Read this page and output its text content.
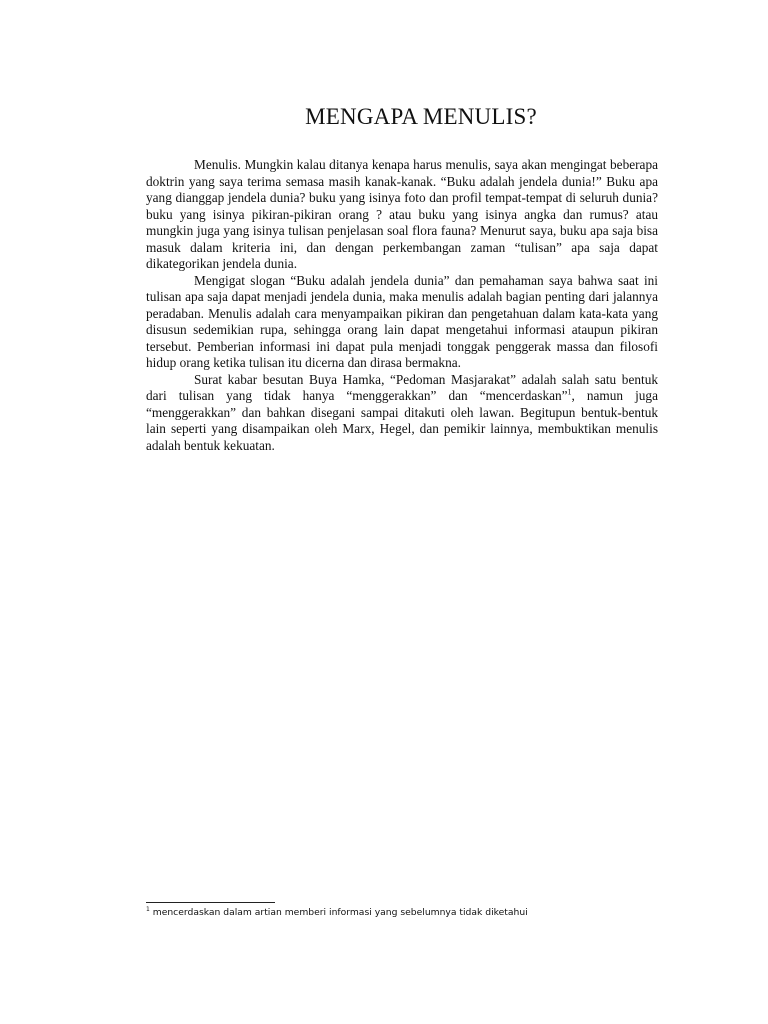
MENGAPA MENULIS?

Menulis. Mungkin kalau ditanya kenapa harus menulis, saya akan mengingat beberapa doktrin yang saya terima semasa masih kanak-kanak. “Buku adalah jendela dunia!” Buku apa yang dianggap jendela dunia? buku yang isinya foto dan profil tempat-tempat di seluruh dunia? buku yang isinya pikiran-pikiran orang ? atau buku yang isinya angka dan rumus? atau mungkin juga yang isinya tulisan penjelasan soal flora fauna? Menurut saya, buku apa saja bisa masuk dalam kriteria ini, dan dengan perkembangan zaman “tulisan” apa saja dapat dikategorikan jendela dunia.

Mengigat slogan “Buku adalah jendela dunia” dan pemahaman saya bahwa saat ini tulisan apa saja dapat menjadi jendela dunia, maka menulis adalah bagian penting dari jalannya peradaban. Menulis adalah cara menyampaikan pikiran dan pengetahuan dalam kata-kata yang disusun sedemikian rupa, sehingga orang lain dapat mengetahui informasi ataupun pikiran tersebut. Pemberian informasi ini dapat pula menjadi tonggak penggerak massa dan filosofi hidup orang ketika tulisan itu dicerna dan dirasa bermakna.

Surat kabar besutan Buya Hamka, “Pedoman Masjarakat” adalah salah satu bentuk dari tulisan yang tidak hanya “menggerakkan” dan “mencerdaskan”$^1$, namun juga “menggerakkan” dan bahkan disegani sampai ditakuti oleh lawan. Begitupun bentuk-bentuk lain seperti yang disampaikan oleh Marx, Hegel, dan pemikir lainnya, membuktikan menulis adalah bentuk kekuatan.

$^1$ mencerdaskan dalam artian memberi informasi yang sebelumnya tidak diketahui
